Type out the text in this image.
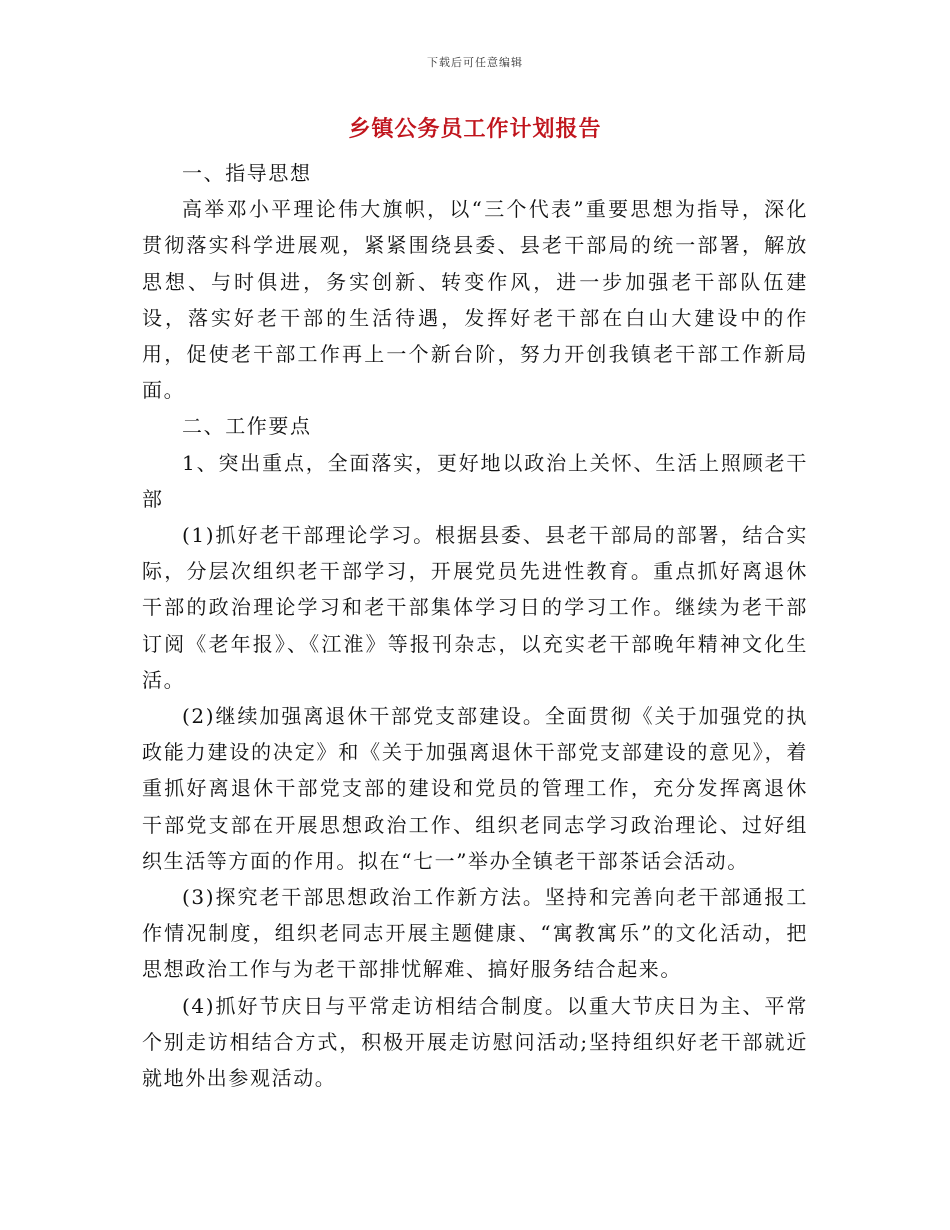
下载后可任意编辑
乡镇公务员工作计划报告

一、指导思想

高举邓小平理论伟大旗帜，以“三个代表”重要思想为指导，深化贯彻落实科学进展观，紧紧围绕县委、县老干部局的统一部署，解放思想、与时俱进，务实创新、转变作风，进一步加强老干部队伍建设，落实好老干部的生活待遇，发挥好老干部在白山大建设中的作用，促使老干部工作再上一个新台阶，努力开创我镇老干部工作新局面。

二、工作要点

1、突出重点，全面落实，更好地以政治上关怀、生活上照顾老干部

(1)抓好老干部理论学习。根据县委、县老干部局的部署，结合实际，分层次组织老干部学习，开展党员先进性教育。重点抓好离退休干部的政治理论学习和老干部集体学习日的学习工作。继续为老干部订阅《老年报》、《江淮》等报刊杂志，以充实老干部晚年精神文化生活。

(2)继续加强离退休干部党支部建设。全面贯彻《关于加强党的执政能力建设的决定》和《关于加强离退休干部党支部建设的意见》，着重抓好离退休干部党支部的建设和党员的管理工作，充分发挥离退休干部党支部在开展思想政治工作、组织老同志学习政治理论、过好组织生活等方面的作用。拟在“七一”举办全镇老干部茶话会活动。

(3)探究老干部思想政治工作新方法。坚持和完善向老干部通报工作情况制度，组织老同志开展主题健康、“寓教寓乐”的文化活动，把思想政治工作与为老干部排忧解难、搞好服务结合起来。

(4)抓好节庆日与平常走访相结合制度。以重大节庆日为主、平常个别走访相结合方式，积极开展走访慰问活动;坚持组织好老干部就近就地外出参观活动。
